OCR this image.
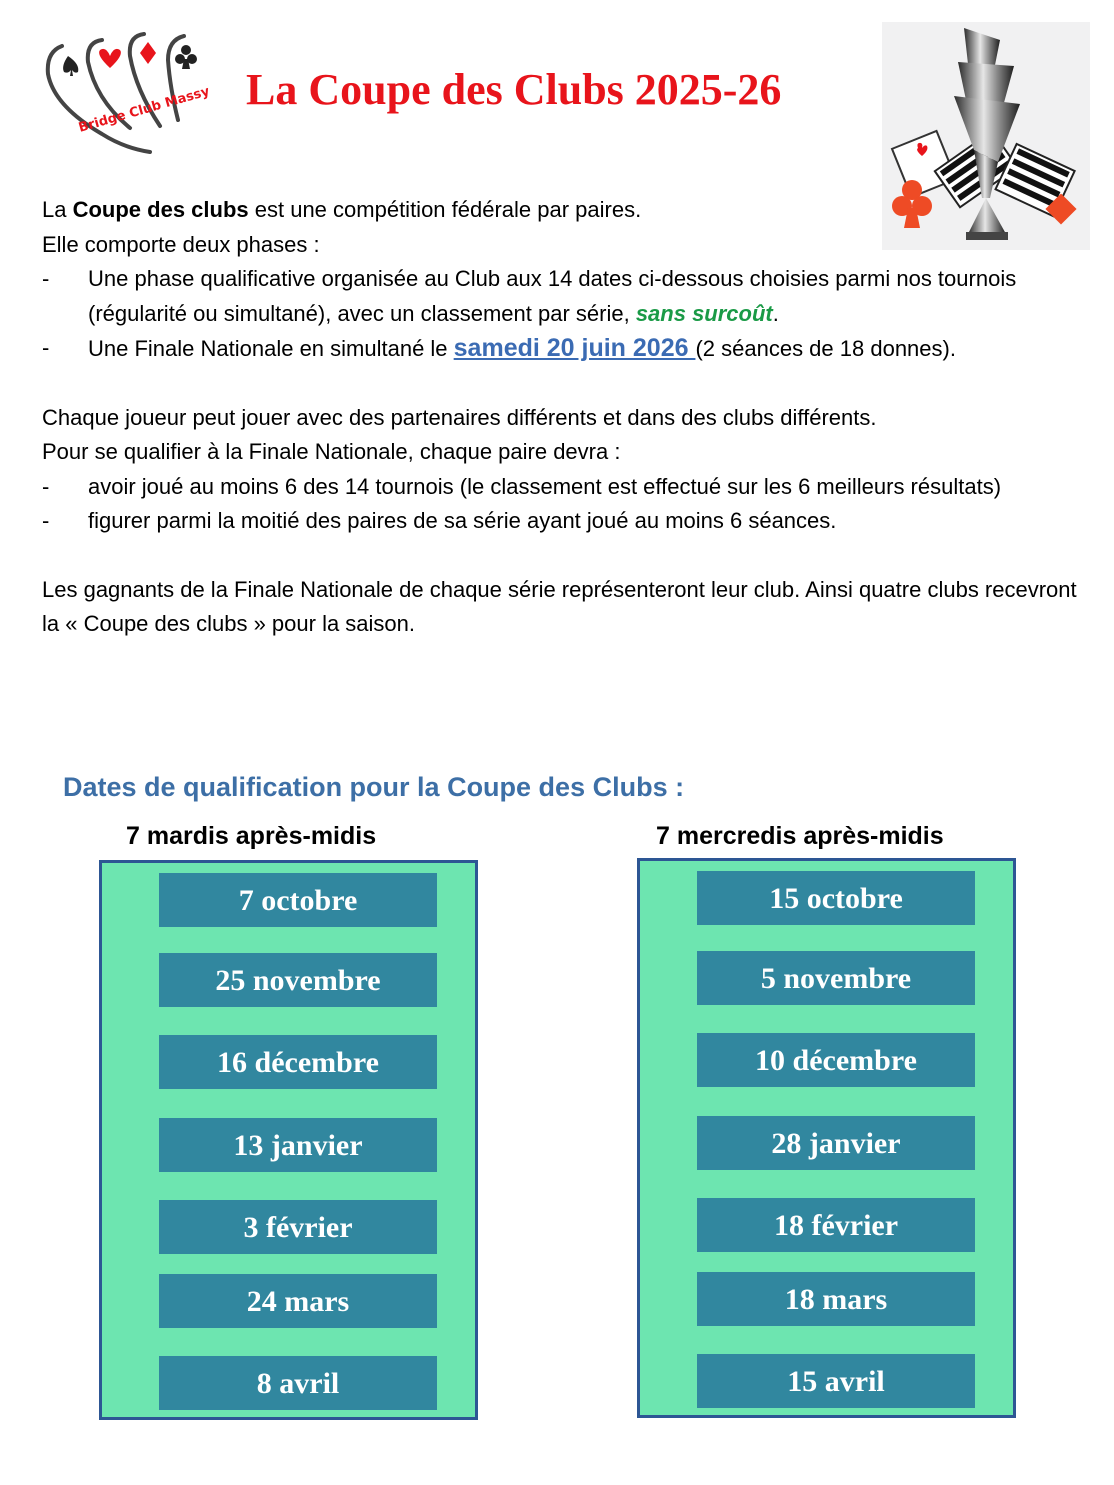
Bridge Club Massy La Coupe des Clubs 2025-26

La Coupe des clubs est une compétition fédérale par paires.

Elle comporte deux phases :

- Une phase qualificative organisée au Club aux 14 dates ci-dessous choisies parmi nos tournois (régularité ou simultané), avec un classement par série, sans surcoût.

- Une Finale Nationale en simultané le samedi 20 juin 2026 (2 séances de 18 donnes).

Chaque joueur peut jouer avec des partenaires différents et dans des clubs différents.

Pour se qualifier à la Finale Nationale, chaque paire devra :

- avoir joué au moins 6 des 14 tournois (le classement est effectué sur les 6 meilleurs résultats)

- figurer parmi la moitié des paires de sa série ayant joué au moins 6 séances.

Les gagnants de la Finale Nationale de chaque série représenteront leur club. Ainsi quatre clubs recevront la « Coupe des clubs » pour la saison.

Dates de qualification pour la Coupe des Clubs :
7 mardis après-midis	7 mercredis après-midis
7 octobre
25 novembre
16 décembre
13 janvier
3 février
24 mars
8 avril
15 octobre
5 novembre
10 décembre
28 janvier
18 février
18 mars
15 avril
